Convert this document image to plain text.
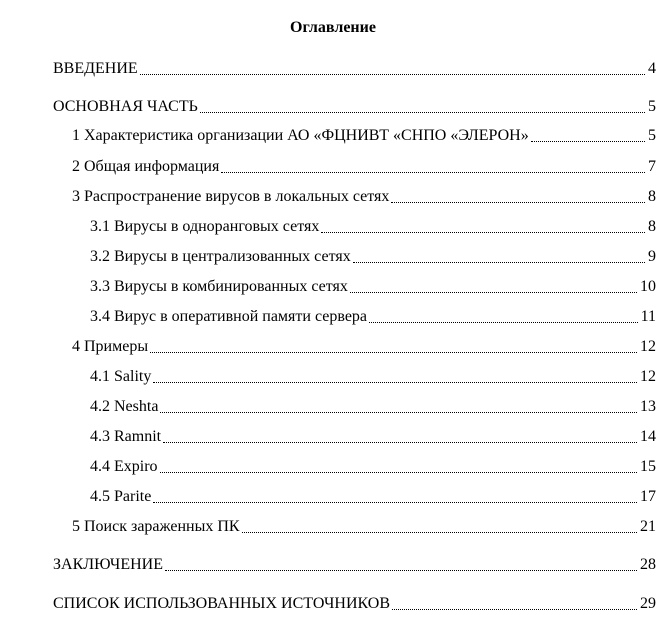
Оглавление
ВВЕДЕНИЕ	4
ОСНОВНАЯ ЧАСТЬ	5
1 Характеристика организации АО «ФЦНИВТ «СНПО «ЭЛЕРОН»	5
2 Общая информация	7
3 Распространение вирусов в локальных сетях	8
3.1 Вирусы в одноранговых сетях	8
3.2 Вирусы в централизованных сетях	9
3.3 Вирусы в комбинированных сетях	10
3.4 Вирус в оперативной памяти сервера	11
4 Примеры	12
4.1 Sality	12
4.2 Neshta	13
4.3 Ramnit	14
4.4 Expiro	15
4.5 Parite	17
5 Поиск зараженных ПК	21
ЗАКЛЮЧЕНИЕ	28
СПИСОК ИСПОЛЬЗОВАННЫХ ИСТОЧНИКОВ	29
